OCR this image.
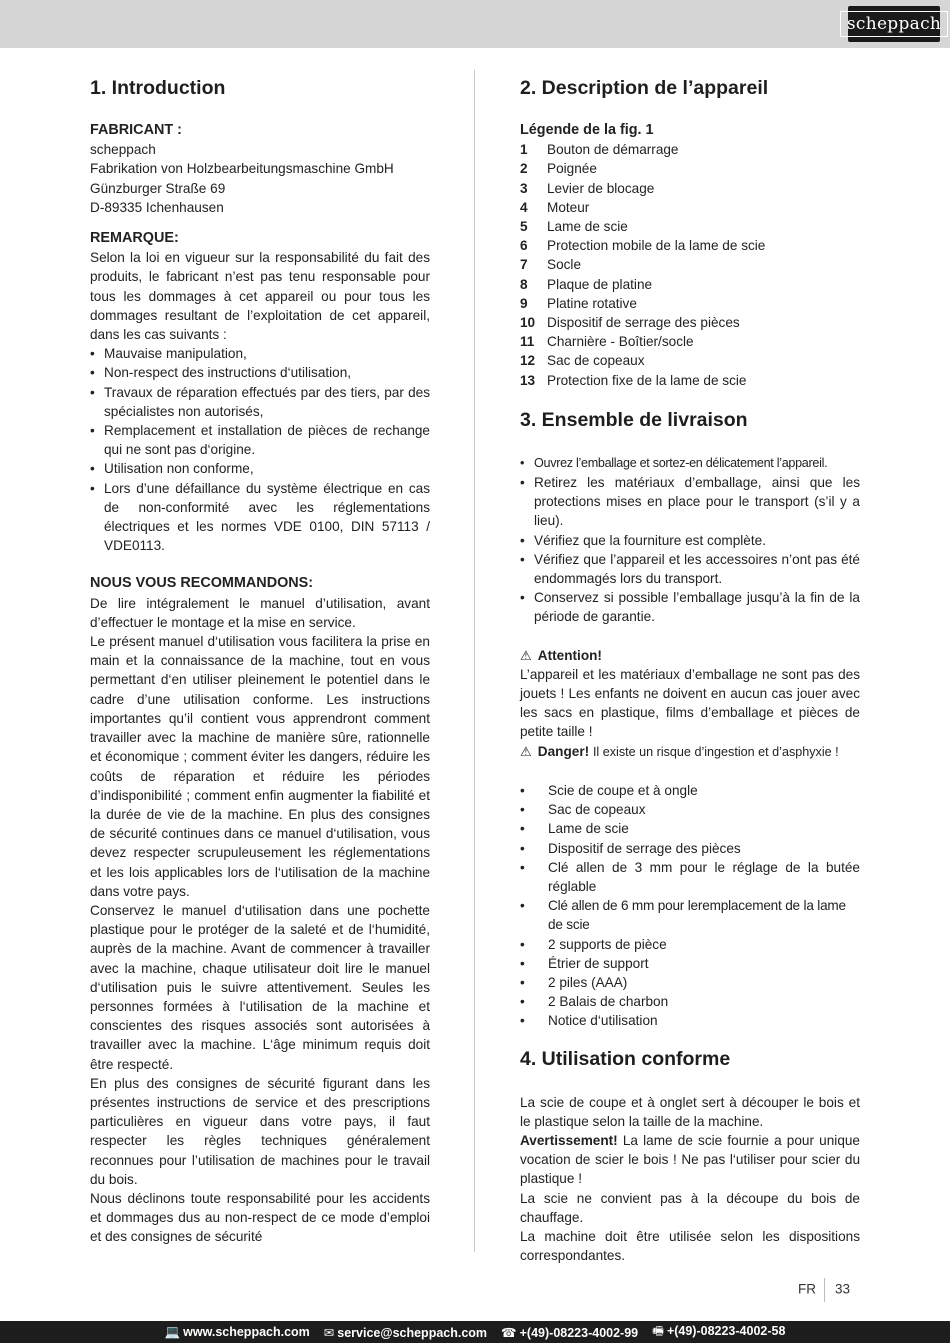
scheppach
1. Introduction

FABRICANT :

scheppach

Fabrikation von Holzbearbeitungsmaschine GmbH

Günzburger Straße 69

D-89335 Ichenhausen

REMARQUE:

Selon la loi en vigueur sur la responsabilité du fait des produits, le fabricant n’est pas tenu responsable pour tous les dommages à cet appareil ou pour tous les dommages resultant de l’exploitation de cet appareil, dans les cas suivants :

• Mauvaise manipulation,
• Non-respect des instructions d‘utilisation,
• Travaux de réparation effectués par des tiers, par des spécialistes non autorisés,
• Remplacement et installation de pièces de rechange qui ne sont pas d‘origine.
• Utilisation non conforme,
• Lors d’une défaillance du système électrique en cas de non-conformité avec les réglementations électriques et les normes VDE 0100, DIN 57113 / VDE0113.

NOUS VOUS RECOMMANDONS:

De lire intégralement le manuel d’utilisation, avant d’effectuer le montage et la mise en service.

Le présent manuel d‘utilisation vous facilitera la prise en main et la connaissance de la machine, tout en vous permettant d‘en utiliser pleinement le potentiel dans le cadre d’une utilisation conforme. Les instructions importantes qu’il contient vous apprendront comment travailler avec la machine de manière sûre, rationnelle et économique ; comment éviter les dangers, réduire les coûts de réparation et réduire les périodes d’indisponibilité ; comment enfin augmenter la fiabilité et la durée de vie de la machine. En plus des consignes de sécurité continues dans ce manuel d‘utilisation, vous devez respecter scrupuleusement les réglementations et les lois applicables lors de l‘utilisation de la machine dans votre pays.

Conservez le manuel d‘utilisation dans une pochette plastique pour le protéger de la saleté et de l‘humidité, auprès de la machine. Avant de commencer à travailler avec la machine, chaque utilisateur doit lire le manuel d‘utilisation puis le suivre attentivement. Seules les personnes formées à l‘utilisation de la machine et conscientes des risques associés sont autorisées à travailler avec la machine. L‘âge minimum requis doit être respecté.

En plus des consignes de sécurité figurant dans les présentes instructions de service et des prescriptions particulières en vigueur dans votre pays, il faut respecter les règles techniques généralement reconnues pour l’utilisation de machines pour le travail du bois.

Nous déclinons toute responsabilité pour les accidents et dommages dus au non-respect de ce mode d’emploi et des consignes de sécurité

2. Description de l’appareil

Légende de la fig. 1

1	Bouton de démarrage
2	Poignée
3	Levier de blocage
4	Moteur
5	Lame de scie
6	Protection mobile de la lame de scie
7	Socle
8	Plaque de platine
9	Platine rotative
10 Dispositif de serrage des pièces
11 Charnière - Boîtier/socle
12 Sac de copeaux
13 Protection fixe de la lame de scie
3. Ensemble de livraison
• Ouvrez l’emballage et sortez-en délicatement l’appareil.
• Retirez les matériaux d’emballage, ainsi que les protections mises en place pour le transport (s’il y a lieu).
• Vérifiez que la fourniture est complète.
• Vérifiez que l’appareil et les accessoires n’ont pas été endommagés lors du transport.
• Conservez si possible l’emballage jusqu’à la fin de la période de garantie.

⚠ Attention!

L’appareil et les matériaux d’emballage ne sont pas des jouets ! Les enfants ne doivent en aucun cas jouer avec les sacs en plastique, films d’emballage et pièces de petite taille !

⚠ Danger! Il existe un risque d’ingestion et d’asphyxie !

• Scie de coupe et à ongle
• Sac de copeaux
• Lame de scie
• Dispositif de serrage des pièces
• Clé allen de 3 mm pour le réglage de la butée réglable
• Clé allen de 6 mm pour leremplacement de la lame de scie
• 2 supports de pièce
• Étrier de support
• 2 piles (AAA)
• 2 Balais de charbon
• Notice d‘utilisation
4. Utilisation conforme

La scie de coupe et à onglet sert à découper le bois et le plastique selon la taille de la machine.

Avertissement! La lame de scie fournie a pour unique vocation de scier le bois ! Ne pas l‘utiliser pour scier du plastique !

La scie ne convient pas à la découpe du bois de chauffage.

La machine doit être utilisée selon les dispositions correspondantes.

FR 33
💻 www.scheppach.com ✉ service@scheppach.com ☎ +(49)-08223-4002-99 🖷 +(49)-08223-4002-58
